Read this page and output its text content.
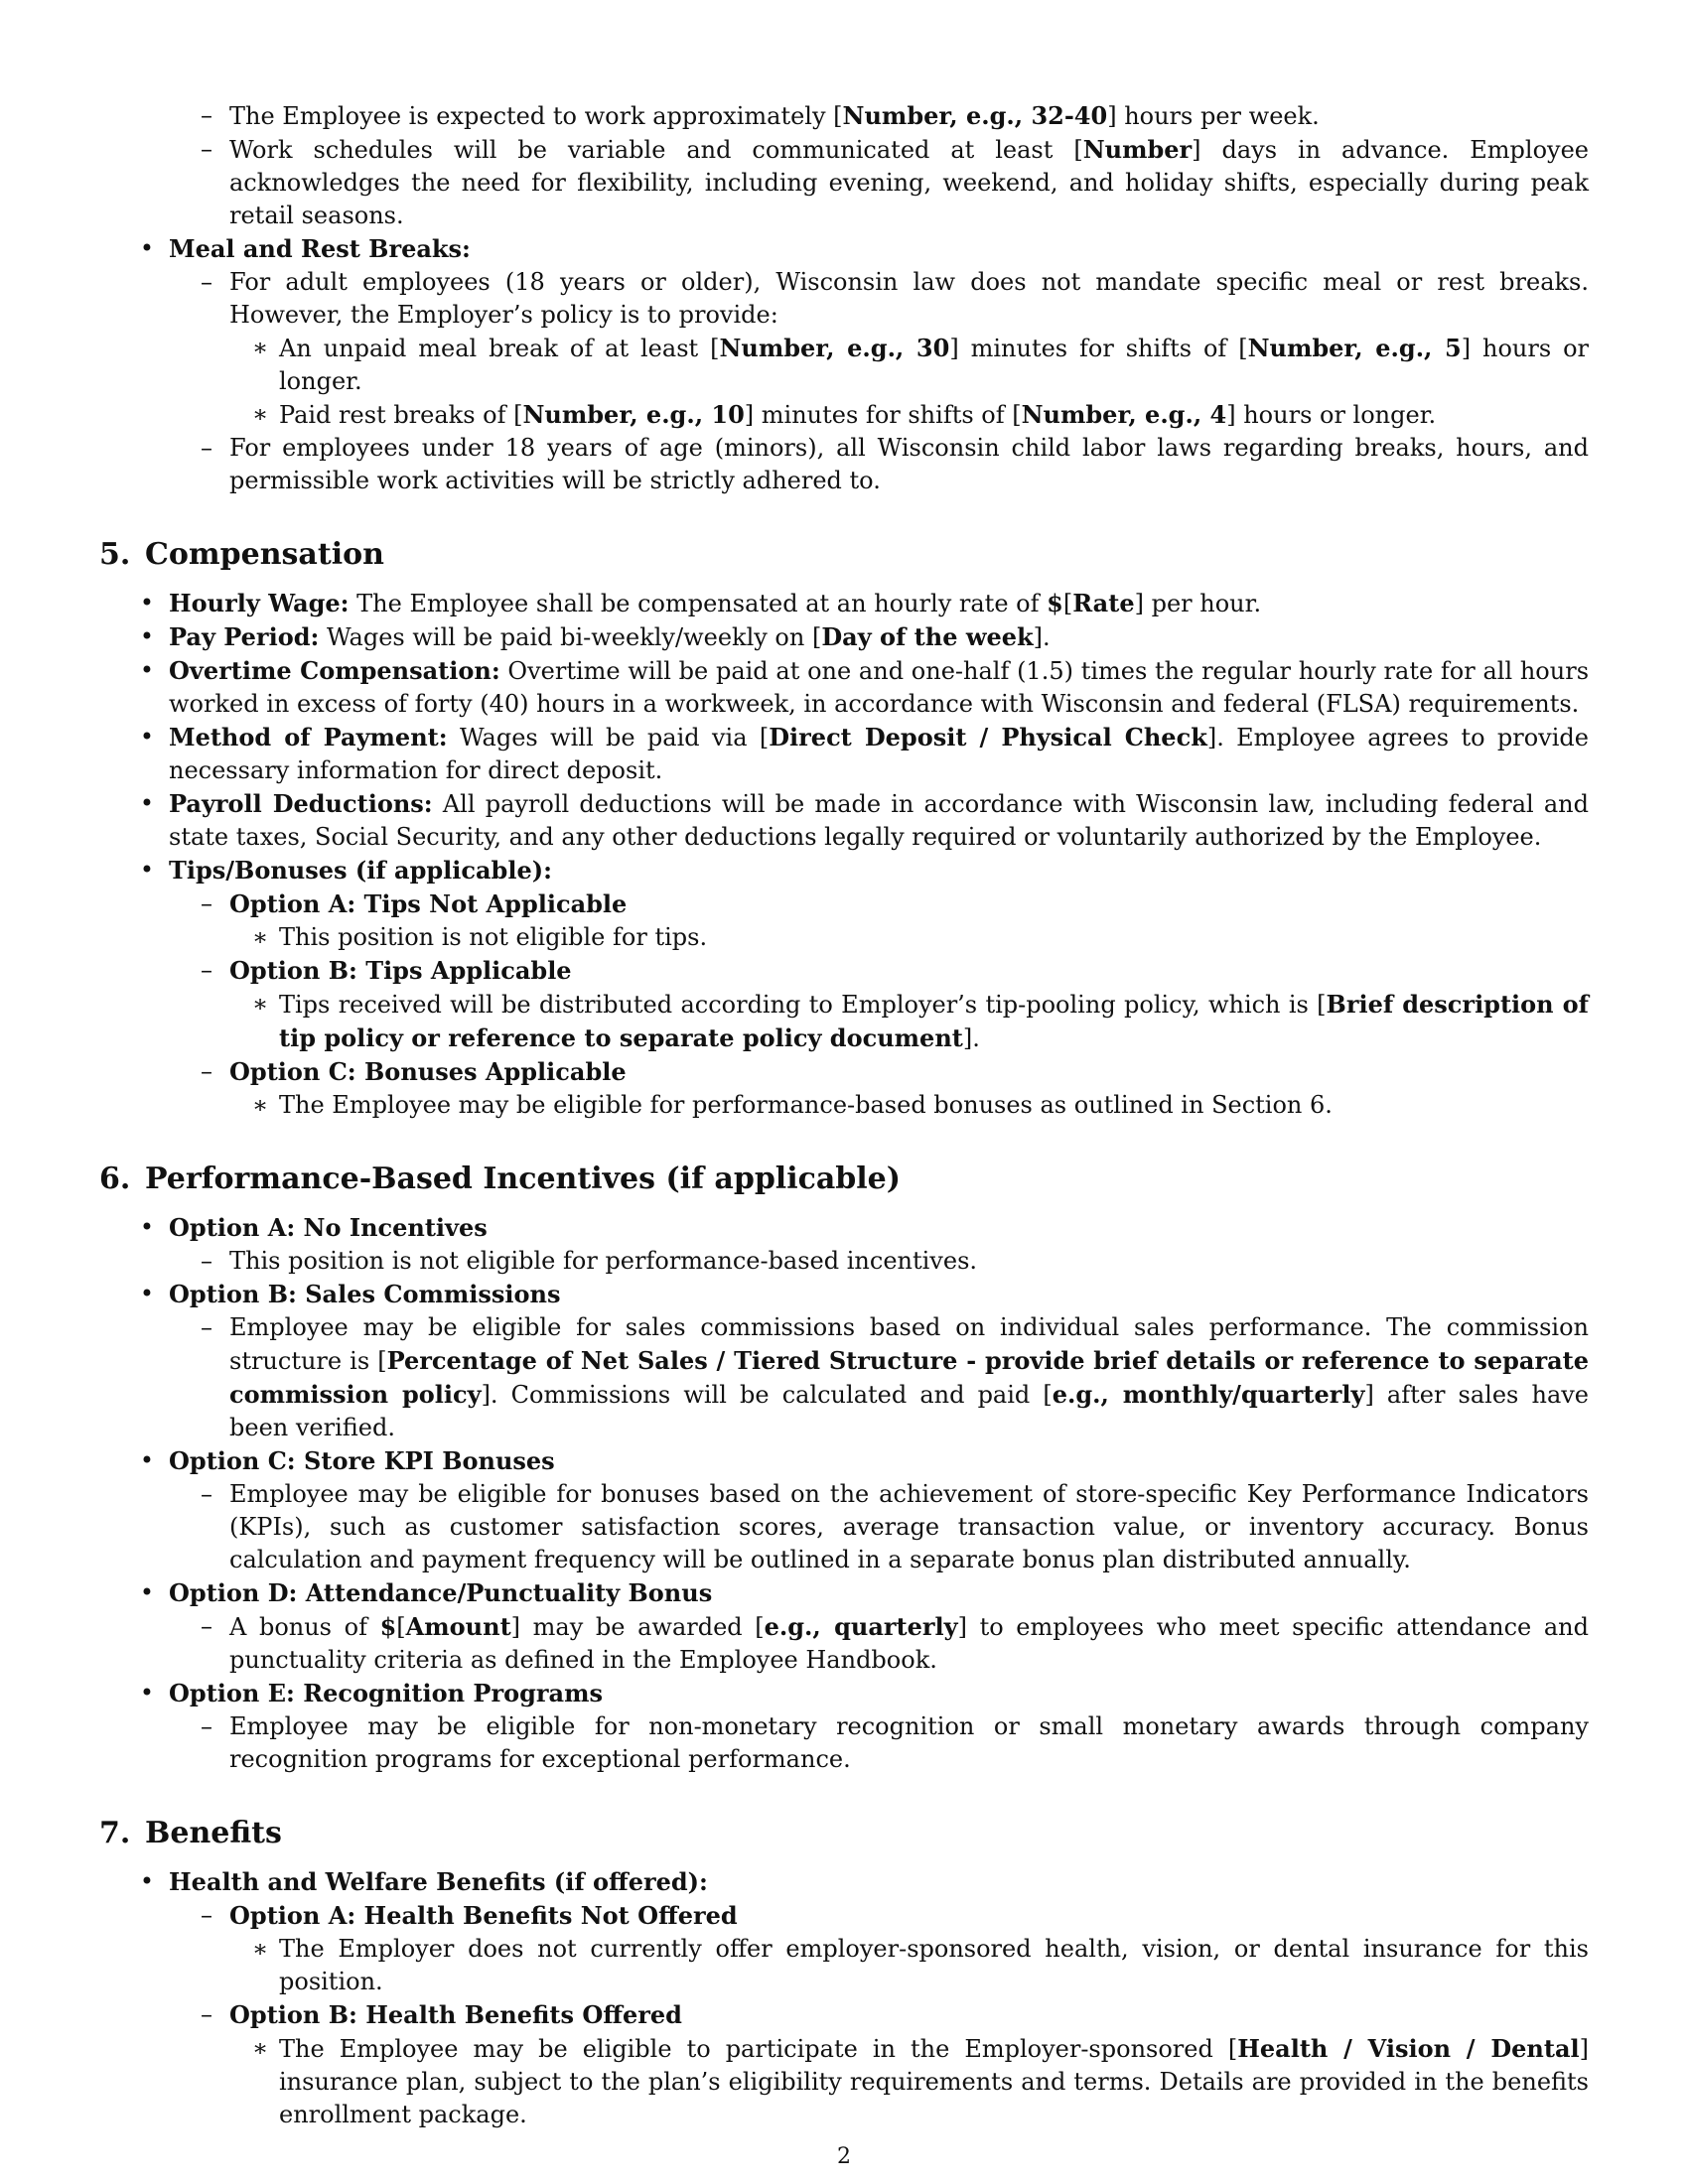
– The Employee is expected to work approximately [Number, e.g., 32-40] hours per week.
– Work schedules will be variable and communicated at least [Number] days in advance. Employee acknowledges the need for flexibility, including evening, weekend, and holiday shifts, especially during peak retail seasons.
• Meal and Rest Breaks:
– For adult employees (18 years or older), Wisconsin law does not mandate specific meal or rest breaks. However, the Employer’s policy is to provide:
∗ An unpaid meal break of at least [Number, e.g., 30] minutes for shifts of [Number, e.g., 5] hours or longer.
∗ Paid rest breaks of [Number, e.g., 10] minutes for shifts of [Number, e.g., 4] hours or longer.
– For employees under 18 years of age (minors), all Wisconsin child labor laws regarding breaks, hours, and permissible work activities will be strictly adhered to.
5. Compensation
• Hourly Wage: The Employee shall be compensated at an hourly rate of $[Rate] per hour.
• Pay Period: Wages will be paid bi-weekly/weekly on [Day of the week].
• Overtime Compensation: Overtime will be paid at one and one-half (1.5) times the regular hourly rate for all hours worked in excess of forty (40) hours in a workweek, in accordance with Wisconsin and federal (FLSA) requirements.
• Method of Payment: Wages will be paid via [Direct Deposit / Physical Check]. Employee agrees to provide necessary information for direct deposit.
• Payroll Deductions: All payroll deductions will be made in accordance with Wisconsin law, including federal and state taxes, Social Security, and any other deductions legally required or voluntarily authorized by the Employee.
• Tips/Bonuses (if applicable):
– Option A: Tips Not Applicable
∗ This position is not eligible for tips.
– Option B: Tips Applicable
∗ Tips received will be distributed according to Employer’s tip-pooling policy, which is [Brief description of tip policy or reference to separate policy document].
– Option C: Bonuses Applicable
∗ The Employee may be eligible for performance-based bonuses as outlined in Section 6.
6. Performance-Based Incentives (if applicable)
• Option A: No Incentives
– This position is not eligible for performance-based incentives.
• Option B: Sales Commissions
– Employee may be eligible for sales commissions based on individual sales performance. The commission structure is [Percentage of Net Sales / Tiered Structure - provide brief details or reference to separate commission policy]. Commissions will be calculated and paid [e.g., monthly/quarterly] after sales have been verified.
• Option C: Store KPI Bonuses
– Employee may be eligible for bonuses based on the achievement of store-specific Key Performance Indicators (KPIs), such as customer satisfaction scores, average transaction value, or inventory accuracy. Bonus calculation and payment frequency will be outlined in a separate bonus plan distributed annually.
• Option D: Attendance/Punctuality Bonus
– A bonus of $[Amount] may be awarded [e.g., quarterly] to employees who meet specific attendance and punctuality criteria as defined in the Employee Handbook.
• Option E: Recognition Programs
– Employee may be eligible for non-monetary recognition or small monetary awards through company recognition programs for exceptional performance.
7. Benefits
• Health and Welfare Benefits (if offered):
– Option A: Health Benefits Not Offered
∗ The Employer does not currently offer employer-sponsored health, vision, or dental insurance for this position.
– Option B: Health Benefits Offered
∗ The Employee may be eligible to participate in the Employer-sponsored [Health / Vision / Dental] insurance plan, subject to the plan’s eligibility requirements and terms. Details are provided in the benefits enrollment package.
2
